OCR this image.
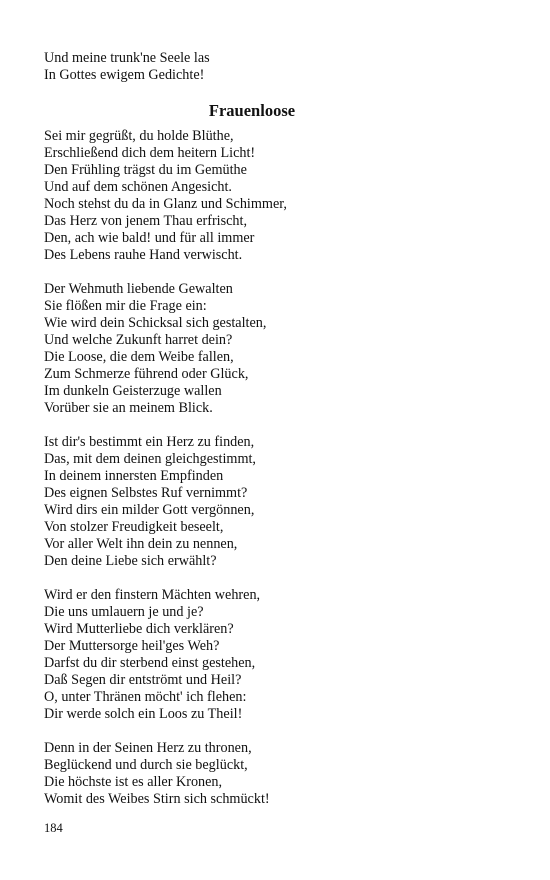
Und meine trunk'ne Seele las
In Gottes ewigem Gedichte!
Frauenloose
Sei mir gegrüßt, du holde Blüthe,
Erschließend dich dem heitern Licht!
Den Frühling trägst du im Gemüthe
Und auf dem schönen Angesicht.
Noch stehst du da in Glanz und Schimmer,
Das Herz von jenem Thau erfrischt,
Den, ach wie bald! und für all immer
Des Lebens rauhe Hand verwischt.
Der Wehmuth liebende Gewalten
Sie flößen mir die Frage ein:
Wie wird dein Schicksal sich gestalten,
Und welche Zukunft harret dein?
Die Loose, die dem Weibe fallen,
Zum Schmerze führend oder Glück,
Im dunkeln Geisterzuge wallen
Vorüber sie an meinem Blick.
Ist dir's bestimmt ein Herz zu finden,
Das, mit dem deinen gleichgestimmt,
In deinem innersten Empfinden
Des eignen Selbstes Ruf vernimmt?
Wird dirs ein milder Gott vergönnen,
Von stolzer Freudigkeit beseelt,
Vor aller Welt ihn dein zu nennen,
Den deine Liebe sich erwählt?
Wird er den finstern Mächten wehren,
Die uns umlauern je und je?
Wird Mutterliebe dich verklären?
Der Muttersorge heil'ges Weh?
Darfst du dir sterbend einst gestehen,
Daß Segen dir entströmt und Heil?
O, unter Thränen möcht' ich flehen:
Dir werde solch ein Loos zu Theil!
Denn in der Seinen Herz zu thronen,
Beglückend und durch sie beglückt,
Die höchste ist es aller Kronen,
Womit des Weibes Stirn sich schmückt!
184
